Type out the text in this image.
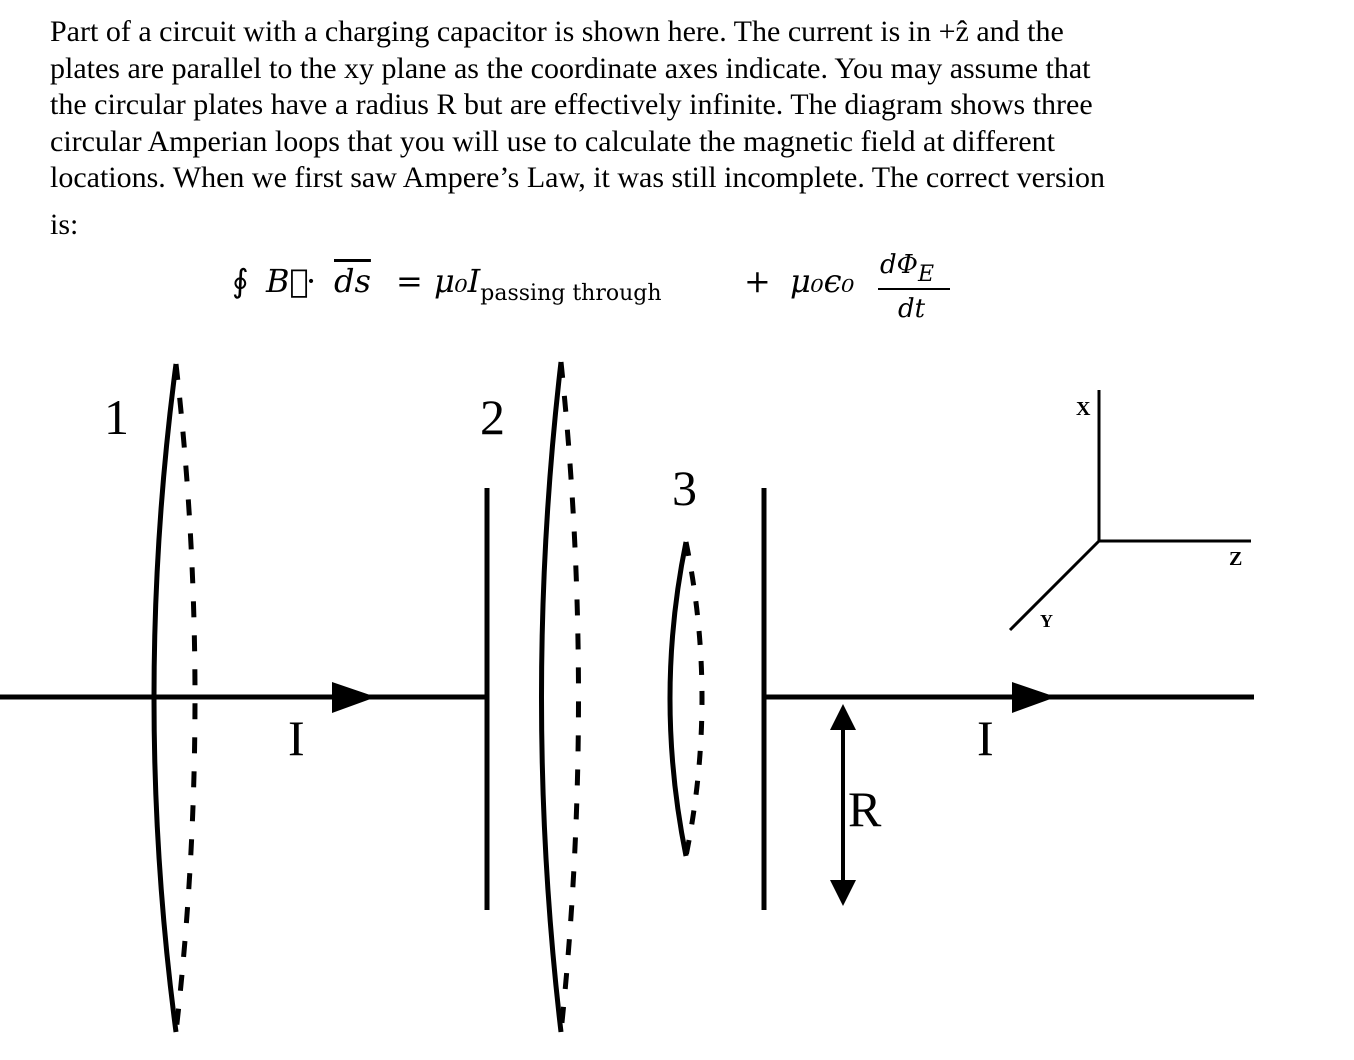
Part of a circuit with a charging capacitor is shown here. The current is in +ẑ and the
plates are parallel to the xy plane as the coordinate axes indicate. You may assume that
the circular plates have a radius R but are effectively infinite. The diagram shows three
circular Amperian loops that you will use to calculate the magnetic field at different
locations. When we first saw Ampere’s Law, it was still incomplete. The correct version
is:
∮ B⃗
· $\overline{ds} = \mu_0I_{passing through}$	+ μ₀ϵ₀ $d\Phi_E$
dt
1	2
3
I	I
R
X
Y
Z
